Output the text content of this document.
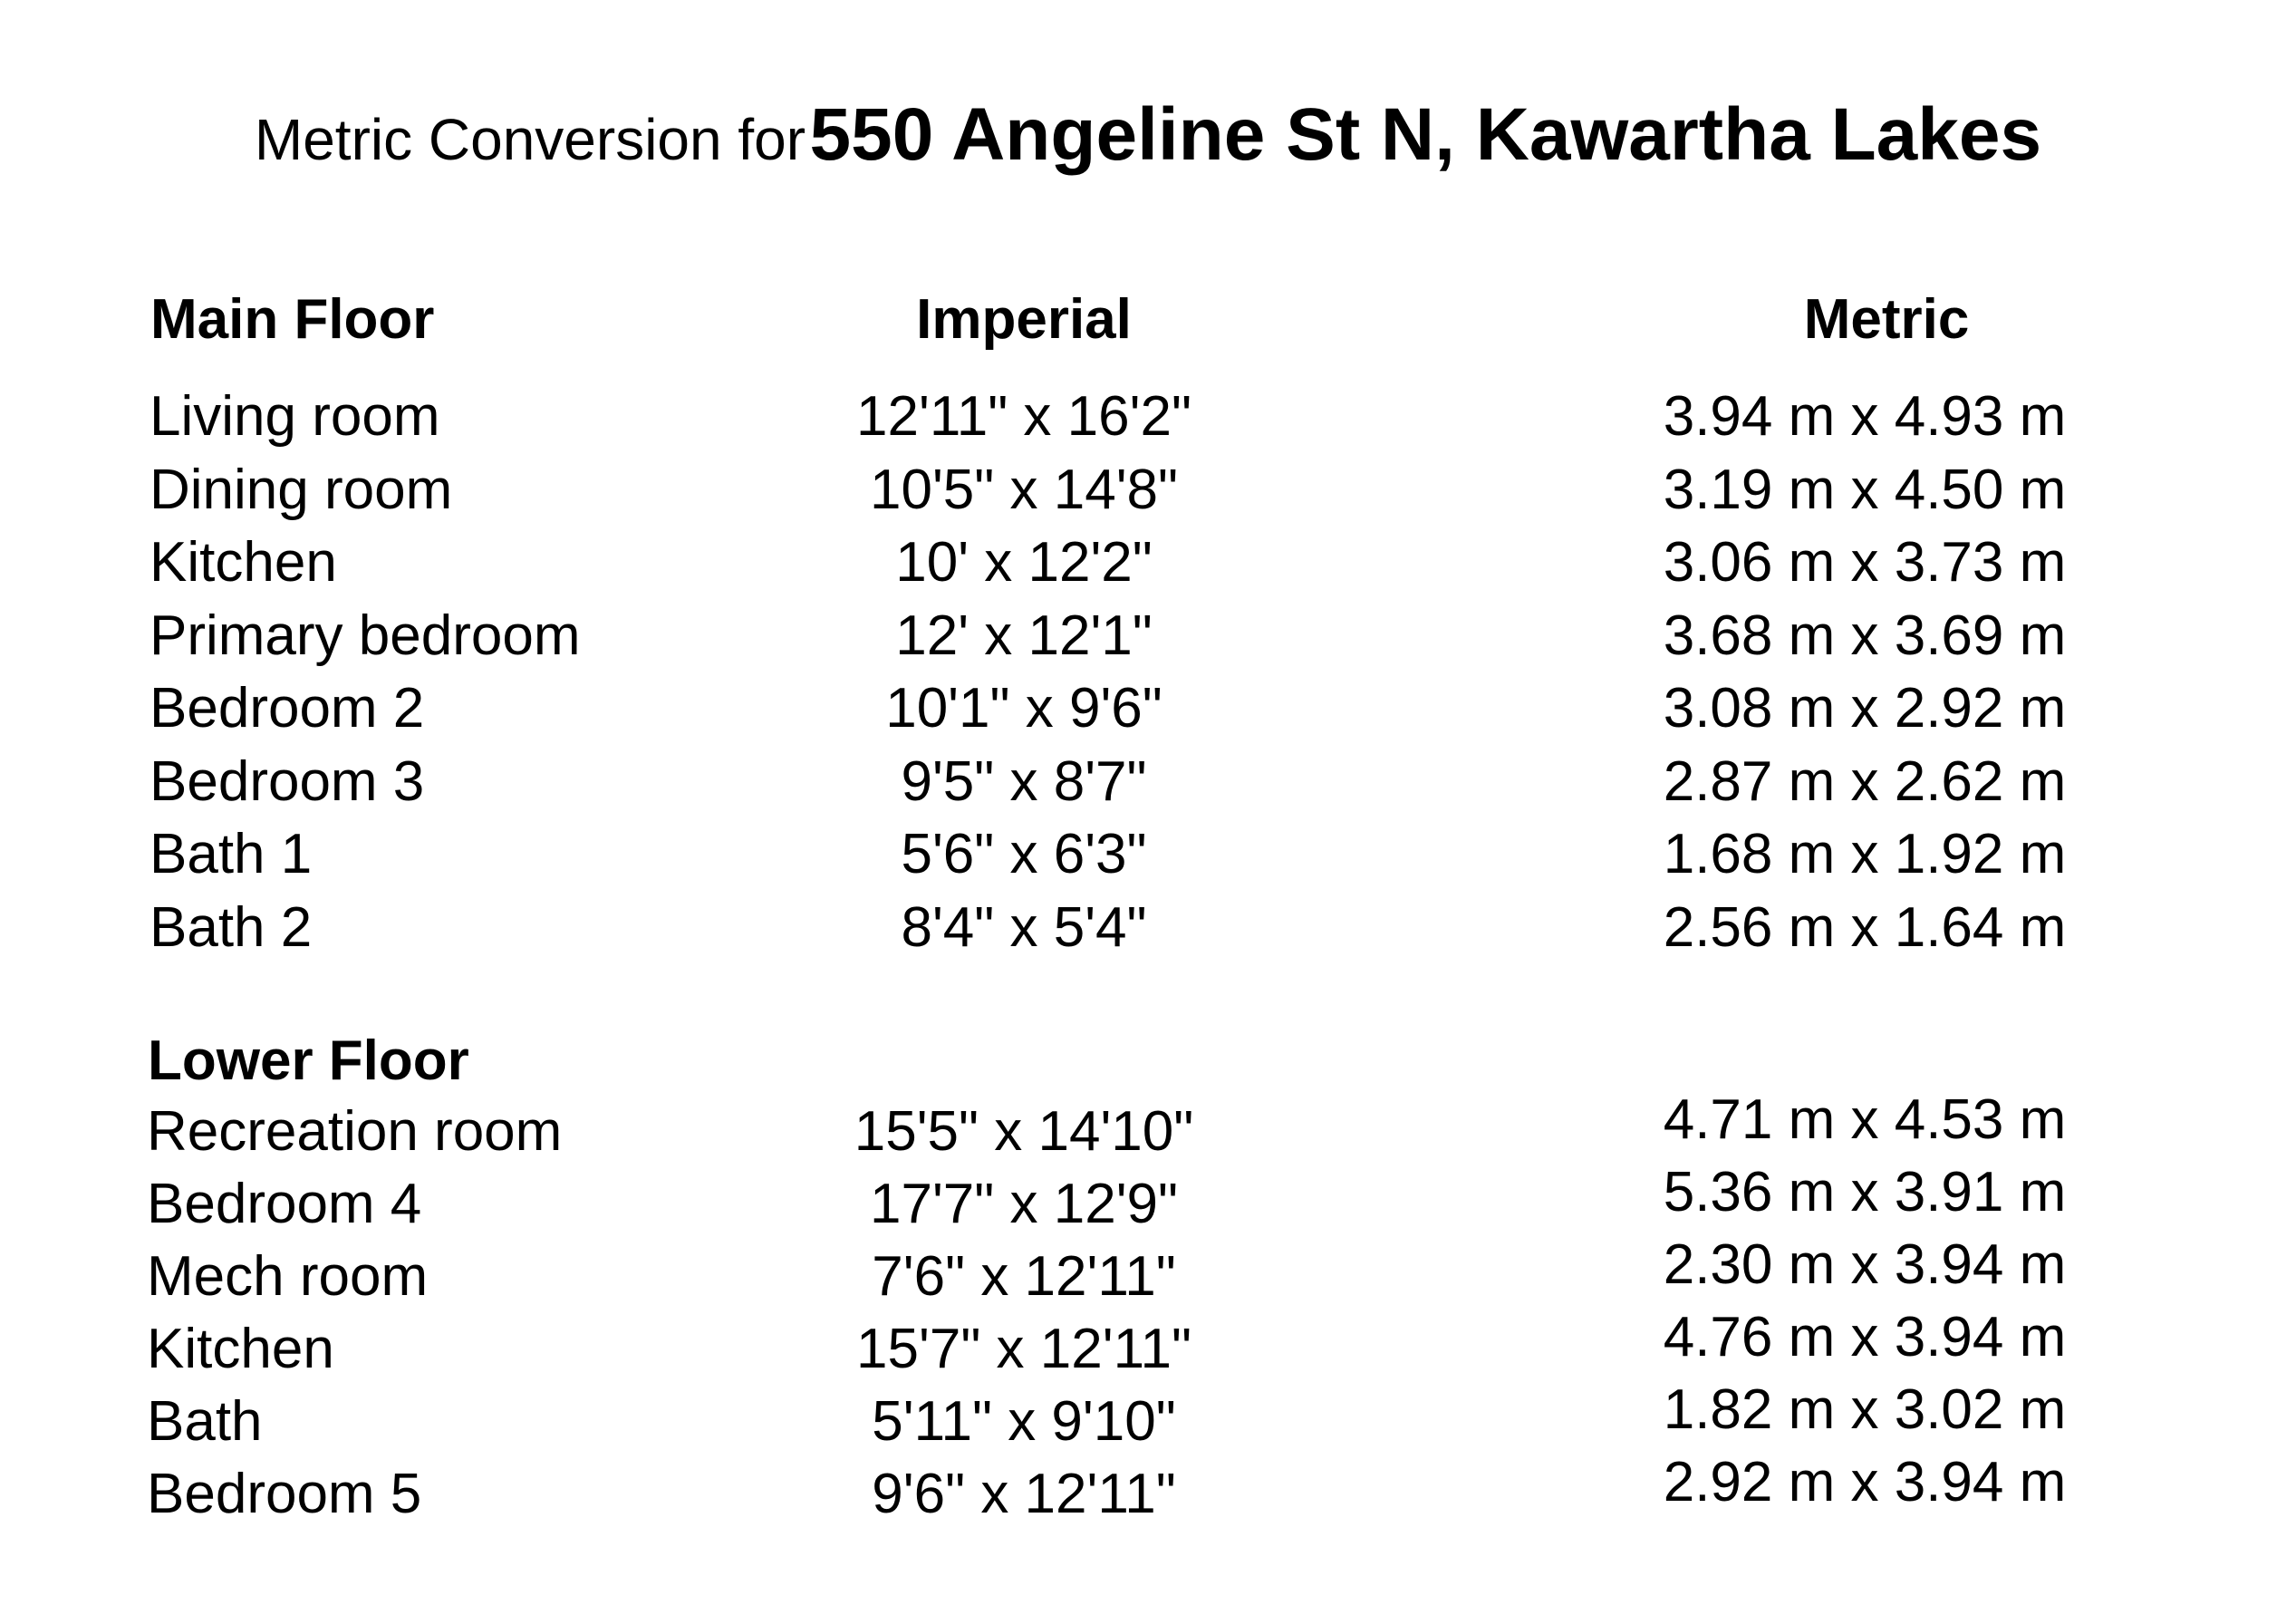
Metric Conversion for 550 Angeline St N, Kawartha Lakes
Main Floor	Imperial	Metric
Living room	12'11" x 16'2"	3.94 m x 4.93 m
Dining room	10'5" x 14'8"	3.19 m x 4.50 m
Kitchen	10' x 12'2"	3.06 m x 3.73 m
Primary bedroom	12' x 12'1"	3.68 m x 3.69 m
Bedroom 2	10'1" x 9'6"	3.08 m x 2.92 m
Bedroom 3	9'5" x 8'7"	2.87 m x 2.62 m
Bath 1	5'6" x 6'3"	1.68 m x 1.92 m
Bath 2	8'4" x 5'4"	2.56 m x 1.64 m
Lower Floor
Recreation room	15'5" x 14'10"	4.71 m x 4.53 m
Bedroom 4	17'7" x 12'9"	5.36 m x 3.91 m
Mech room	7'6" x 12'11"	2.30 m x 3.94 m
Kitchen	15'7" x 12'11"	4.76 m x 3.94 m
Bath	5'11" x 9'10"	1.82 m x 3.02 m
Bedroom 5	9'6" x 12'11"	2.92 m x 3.94 m
